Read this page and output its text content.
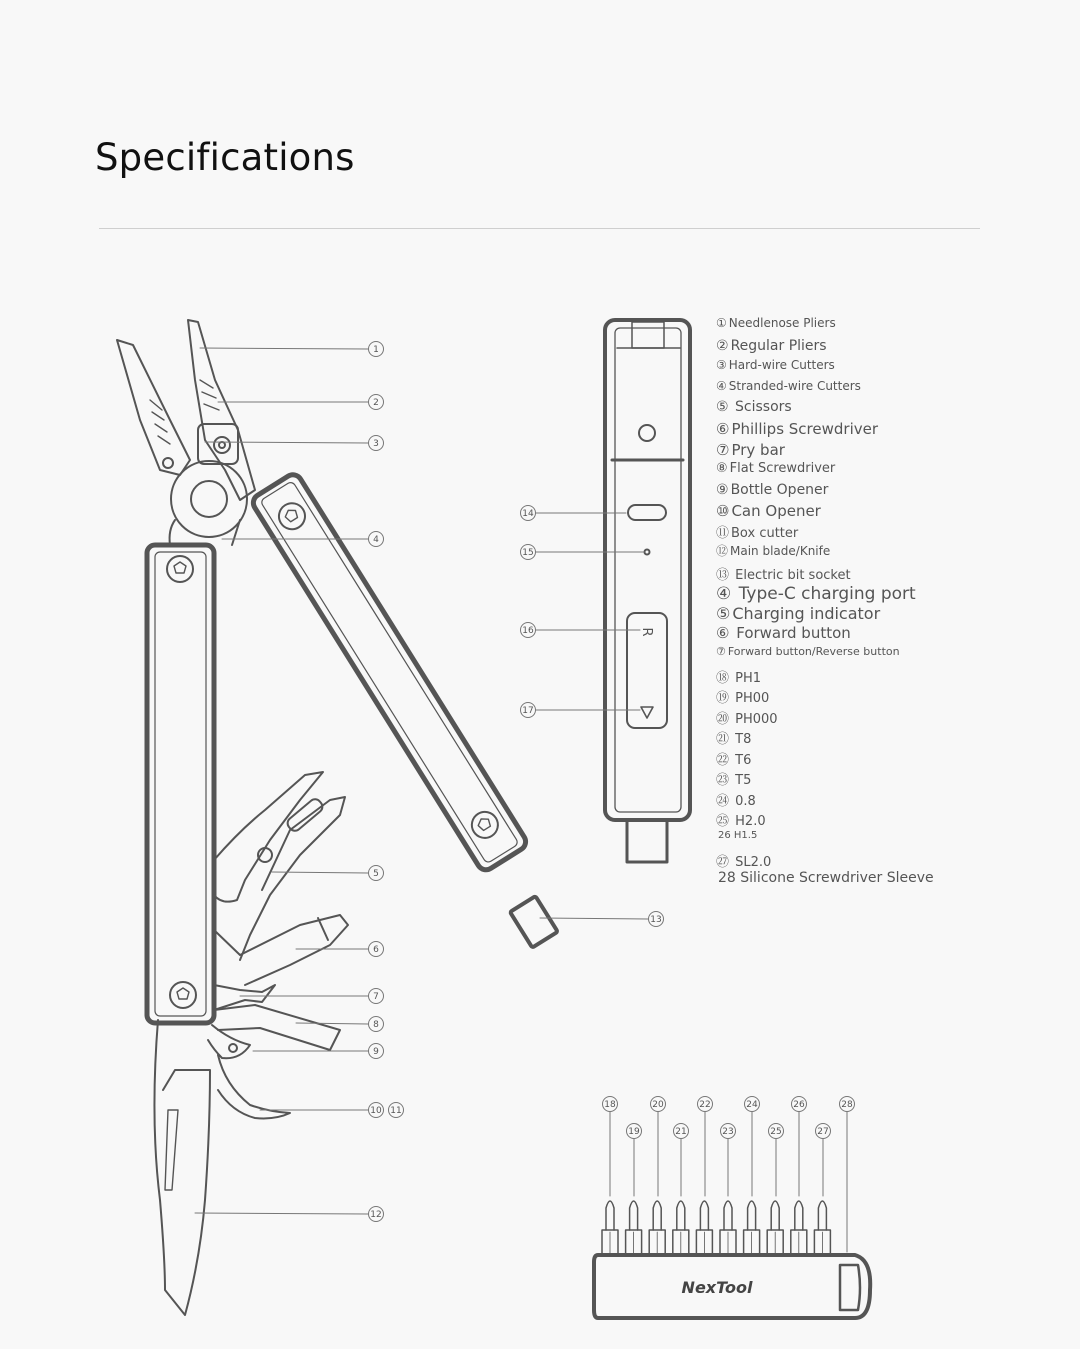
Specifications
R
NexTool
1
2
3
4
5
6
7
8
9
10 11
12
13
14
15
16
17
18	20	22	24	26	28
19	21	23	25	27
① Needlenose Pliers
② Regular Pliers
③ Hard-wire Cutters
④ Stranded-wire Cutters
⑤ Scissors
⑥ Phillips Screwdriver
⑦ Pry bar
⑧ Flat Screwdriver
⑨ Bottle Opener
⑩ Can Opener
⑪ Box cutter
⑫ Main blade/Knife
⑬ Electric bit socket
④ Type-C charging port
⑤ Charging indicator
⑥ Forward button
⑦ Forward button/Reverse button
⑱ PH1
⑲ PH00
⑳ PH000
㉑ T8
㉒ T6
㉓ T5
㉔ 0.8
㉕ H2.0
26 H1.5
㉗ SL2.0
28 Silicone Screwdriver Sleeve
